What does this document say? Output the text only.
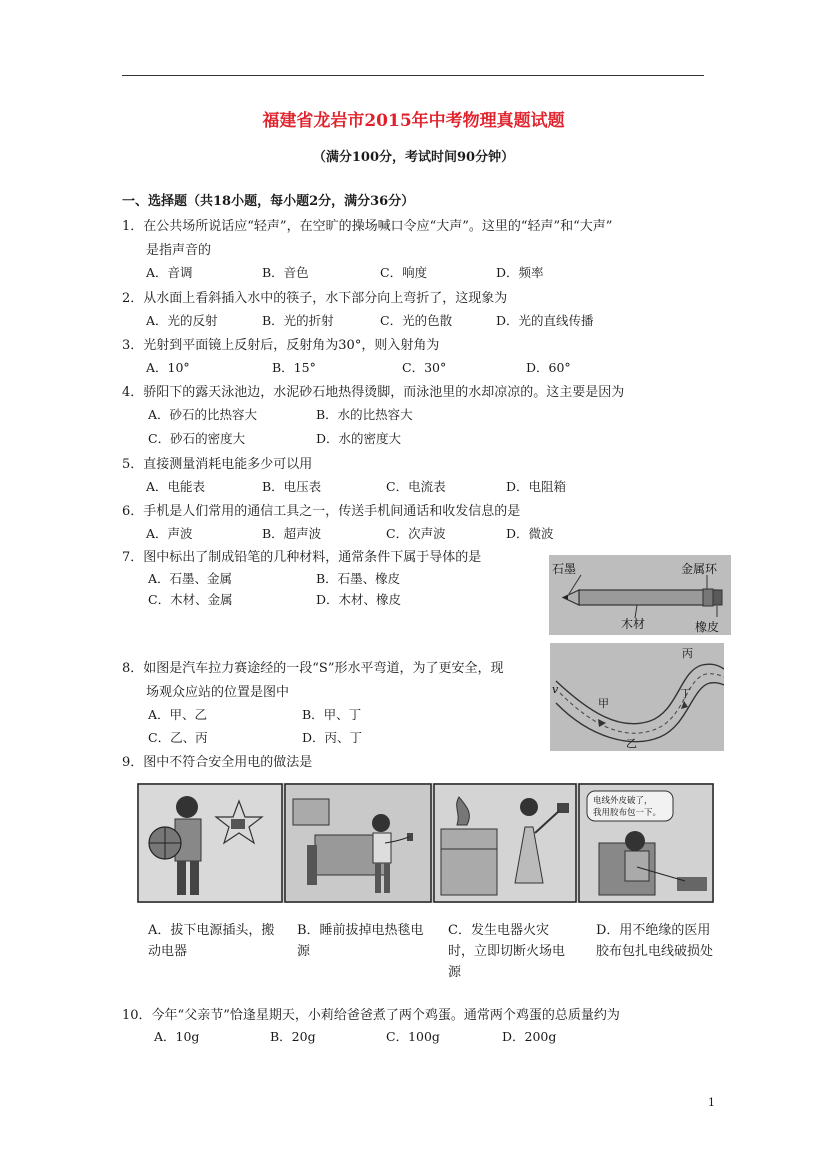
福建省龙岩市2015年中考物理真题试题
（满分100分，考试时间90分钟）
一、选择题（共18小题，每小题2分，满分36分）
1．在公共场所说话应“轻声”，在空旷的操场喊口令应“大声”。这里的“轻声”和“大声”
是指声音的
A．音调	B．音色	C．响度	D．频率
2．从水面上看斜插入水中的筷子，水下部分向上弯折了，这现象为
A．光的反射	B．光的折射	C．光的色散	D．光的直线传播
3．光射到平面镜上反射后，反射角为30°，则入射角为
A．10°	B．15°	C．30°	D．60°
4．骄阳下的露天泳池边，水泥砂石地热得烫脚，而泳池里的水却凉凉的。这主要是因为
A．砂石的比热容大	B．水的比热容大
C．砂石的密度大	D．水的密度大
5．直接测量消耗电能多少可以用
A．电能表	B．电压表	C．电流表	D．电阻箱
6．手机是人们常用的通信工具之一，传送手机间通话和收发信息的是
A．声波	B．超声波	C．次声波	D．微波
7．图中标出了制成铅笔的几种材料，通常条件下属于导体的是
A．石墨、金属	B．石墨、橡皮
C．木材、金属	D．木材、橡皮
石墨	金属环
木材	橡皮
8．如图是汽车拉力赛途经的一段“S”形水平弯道，为了更安全，现
场观众应站的位置是图中
A．甲、乙	B．甲、丁
C．乙、丙	D．丙、丁
v
甲
乙
丙
丁
9．图中不符合安全用电的做法是
电线外皮破了，
我用胶布包一下。
A．拔下电源插头，搬动电器
B．睡前拔掉电热毯电源
C．发生电器火灾时，立即切断火场电源
D．用不绝缘的医用胶布包扎电线破损处
10．今年“父亲节”恰逢星期天，小莉给爸爸煮了两个鸡蛋。通常两个鸡蛋的总质量约为
A．10g	B．20g	C．100g	D．200g
1
